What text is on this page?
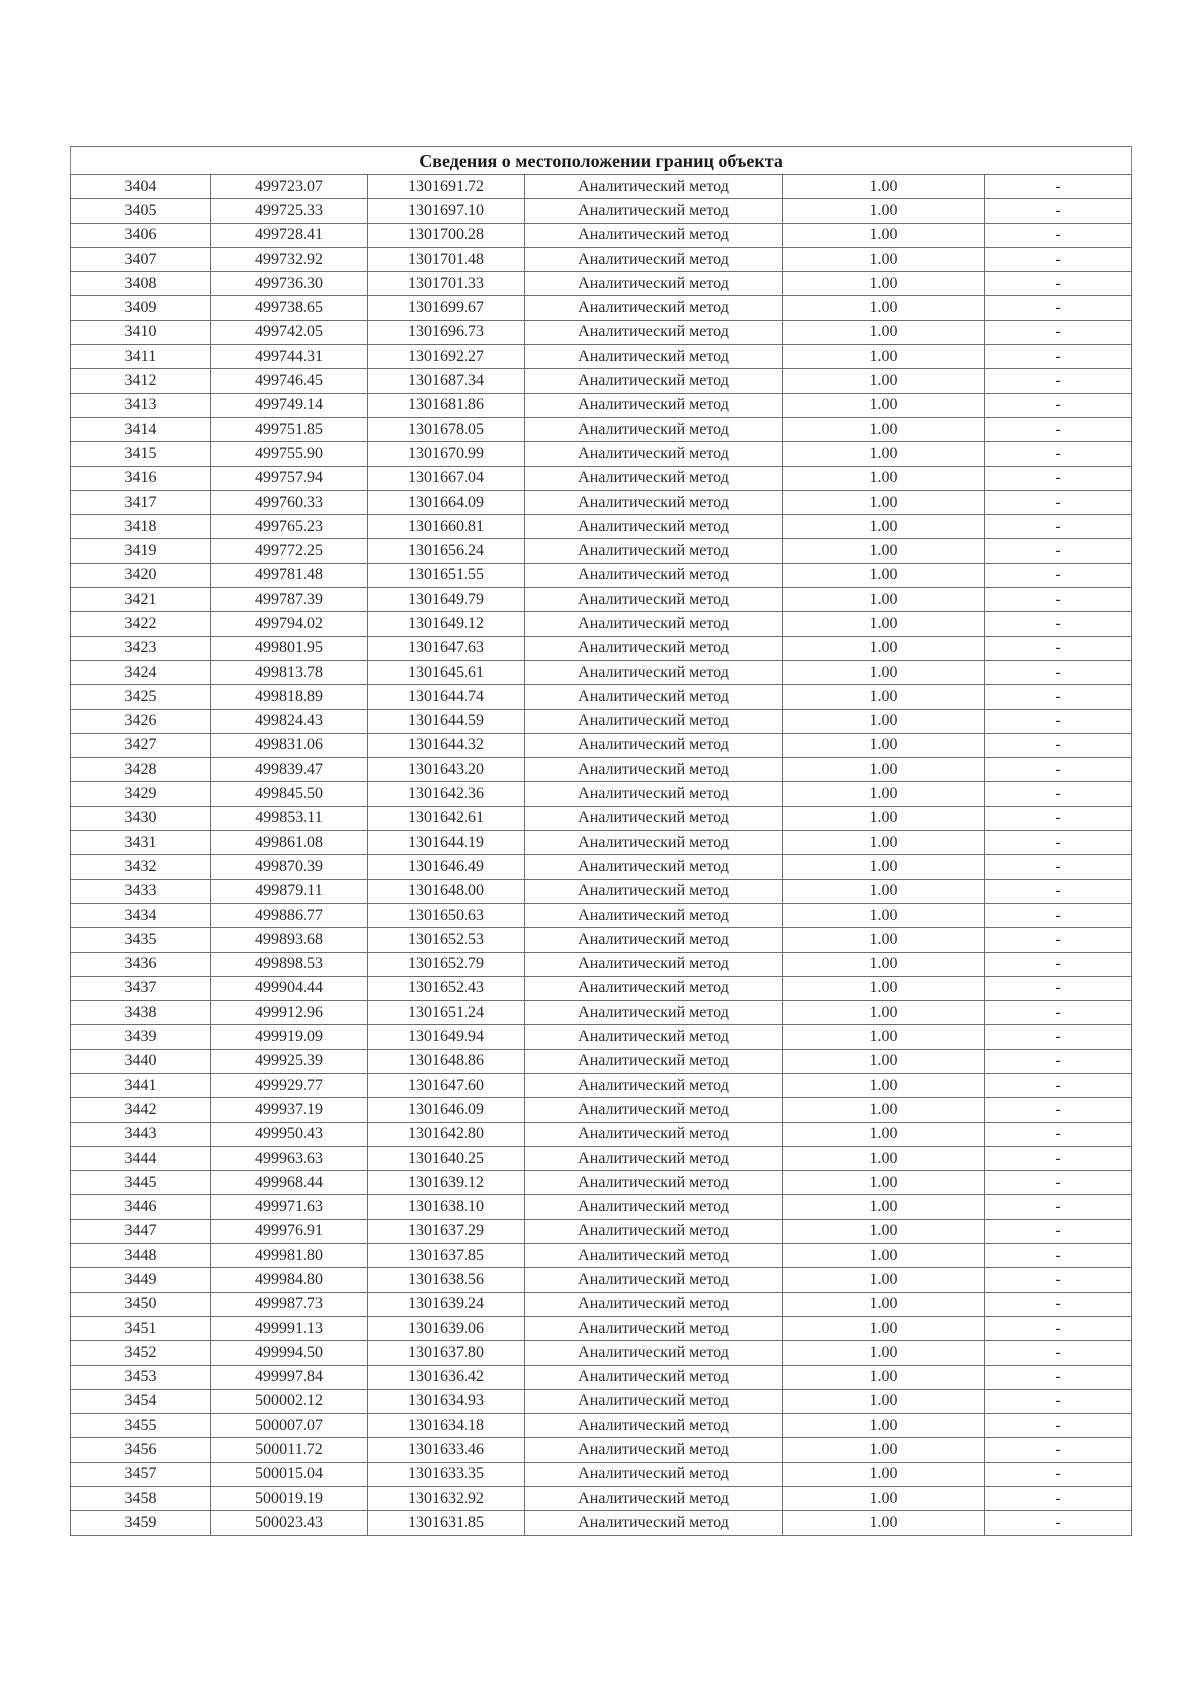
Сведения о местоположении границ объекта					
3404	499723.07	1301691.72	Аналитический метод	1.00	-
3405	499725.33	1301697.10	Аналитический метод	1.00	-
3406	499728.41	1301700.28	Аналитический метод	1.00	-
3407	499732.92	1301701.48	Аналитический метод	1.00	-
3408	499736.30	1301701.33	Аналитический метод	1.00	-
3409	499738.65	1301699.67	Аналитический метод	1.00	-
3410	499742.05	1301696.73	Аналитический метод	1.00	-
3411	499744.31	1301692.27	Аналитический метод	1.00	-
3412	499746.45	1301687.34	Аналитический метод	1.00	-
3413	499749.14	1301681.86	Аналитический метод	1.00	-
3414	499751.85	1301678.05	Аналитический метод	1.00	-
3415	499755.90	1301670.99	Аналитический метод	1.00	-
3416	499757.94	1301667.04	Аналитический метод	1.00	-
3417	499760.33	1301664.09	Аналитический метод	1.00	-
3418	499765.23	1301660.81	Аналитический метод	1.00	-
3419	499772.25	1301656.24	Аналитический метод	1.00	-
3420	499781.48	1301651.55	Аналитический метод	1.00	-
3421	499787.39	1301649.79	Аналитический метод	1.00	-
3422	499794.02	1301649.12	Аналитический метод	1.00	-
3423	499801.95	1301647.63	Аналитический метод	1.00	-
3424	499813.78	1301645.61	Аналитический метод	1.00	-
3425	499818.89	1301644.74	Аналитический метод	1.00	-
3426	499824.43	1301644.59	Аналитический метод	1.00	-
3427	499831.06	1301644.32	Аналитический метод	1.00	-
3428	499839.47	1301643.20	Аналитический метод	1.00	-
3429	499845.50	1301642.36	Аналитический метод	1.00	-
3430	499853.11	1301642.61	Аналитический метод	1.00	-
3431	499861.08	1301644.19	Аналитический метод	1.00	-
3432	499870.39	1301646.49	Аналитический метод	1.00	-
3433	499879.11	1301648.00	Аналитический метод	1.00	-
3434	499886.77	1301650.63	Аналитический метод	1.00	-
3435	499893.68	1301652.53	Аналитический метод	1.00	-
3436	499898.53	1301652.79	Аналитический метод	1.00	-
3437	499904.44	1301652.43	Аналитический метод	1.00	-
3438	499912.96	1301651.24	Аналитический метод	1.00	-
3439	499919.09	1301649.94	Аналитический метод	1.00	-
3440	499925.39	1301648.86	Аналитический метод	1.00	-
3441	499929.77	1301647.60	Аналитический метод	1.00	-
3442	499937.19	1301646.09	Аналитический метод	1.00	-
3443	499950.43	1301642.80	Аналитический метод	1.00	-
3444	499963.63	1301640.25	Аналитический метод	1.00	-
3445	499968.44	1301639.12	Аналитический метод	1.00	-
3446	499971.63	1301638.10	Аналитический метод	1.00	-
3447	499976.91	1301637.29	Аналитический метод	1.00	-
3448	499981.80	1301637.85	Аналитический метод	1.00	-
3449	499984.80	1301638.56	Аналитический метод	1.00	-
3450	499987.73	1301639.24	Аналитический метод	1.00	-
3451	499991.13	1301639.06	Аналитический метод	1.00	-
3452	499994.50	1301637.80	Аналитический метод	1.00	-
3453	499997.84	1301636.42	Аналитический метод	1.00	-
3454	500002.12	1301634.93	Аналитический метод	1.00	-
3455	500007.07	1301634.18	Аналитический метод	1.00	-
3456	500011.72	1301633.46	Аналитический метод	1.00	-
3457	500015.04	1301633.35	Аналитический метод	1.00	-
3458	500019.19	1301632.92	Аналитический метод	1.00	-
3459	500023.43	1301631.85	Аналитический метод	1.00	-
